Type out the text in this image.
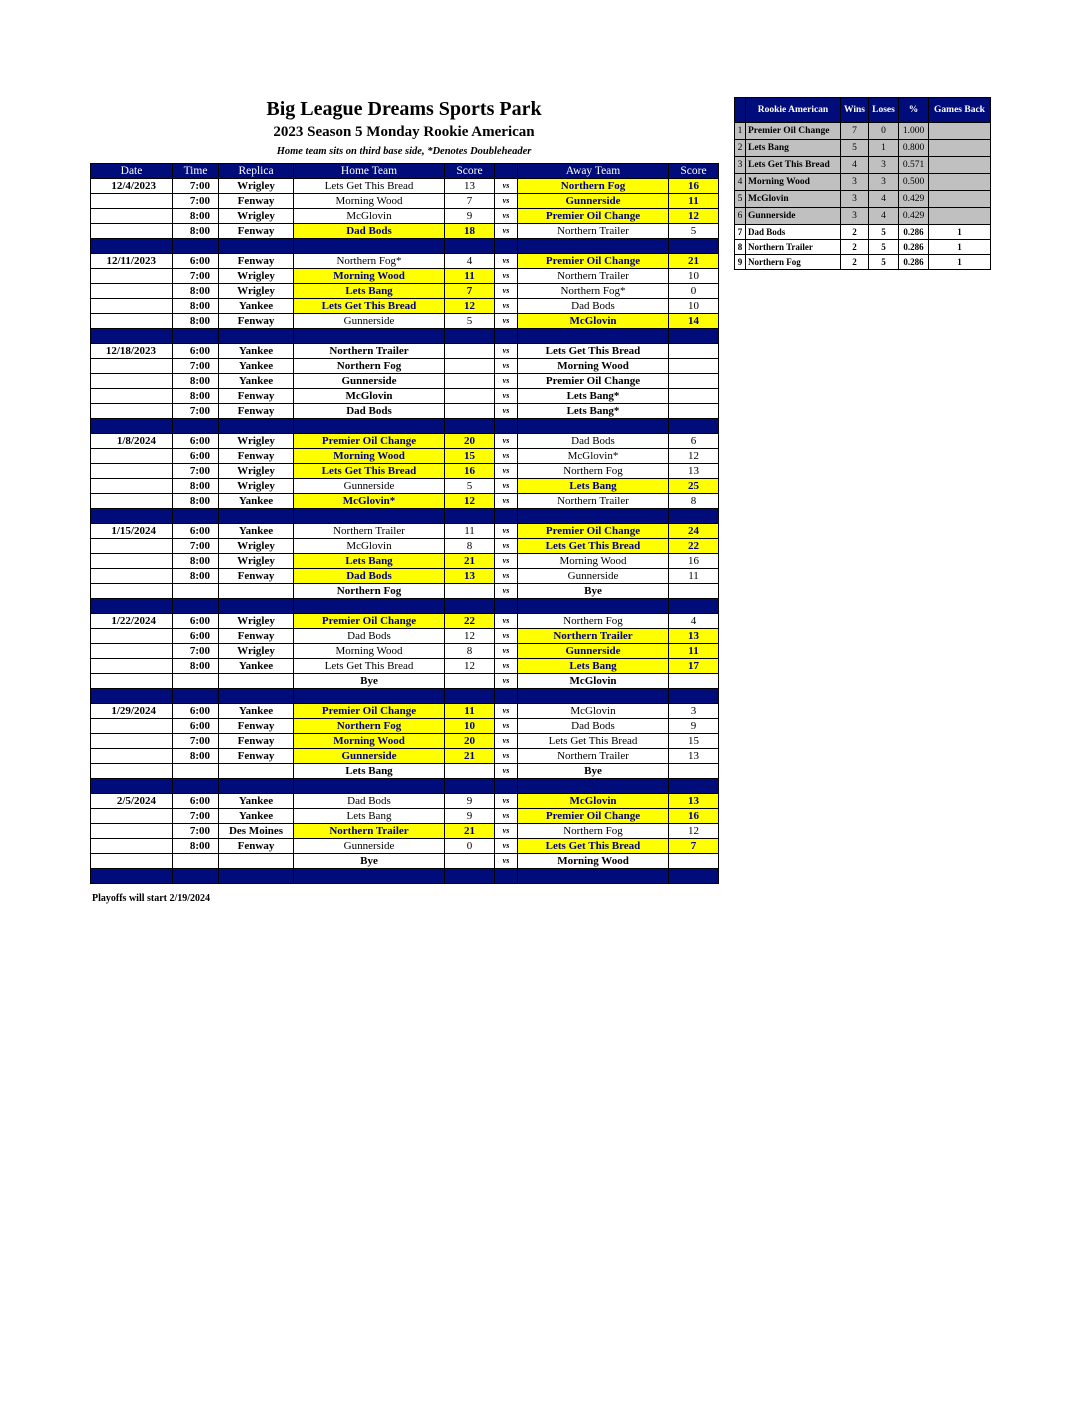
Big League Dreams Sports Park
2023 Season 5 Monday Rookie American
Home team sits on third base side, *Denotes Doubleheader
Date	Time	Replica	Home Team	Score		Away Team	Score
12/4/2023	7:00	Wrigley	Lets Get This Bread	13	vs	Northern Fog	16
	7:00	Fenway	Morning Wood	7	vs	Gunnerside	11
	8:00	Wrigley	McGlovin	9	vs	Premier Oil Change	12
	8:00	Fenway	Dad Bods	18	vs	Northern Trailer	5

12/11/2023	6:00	Fenway	Northern Fog*	4	vs	Premier Oil Change	21
	7:00	Wrigley	Morning Wood	11	vs	Northern Trailer	10
	8:00	Wrigley	Lets Bang	7	vs	Northern Fog*	0
	8:00	Yankee	Lets Get This Bread	12	vs	Dad Bods	10
	8:00	Fenway	Gunnerside	5	vs	McGlovin	14

12/18/2023	6:00	Yankee	Northern Trailer		vs	Lets Get This Bread	
	7:00	Yankee	Northern Fog		vs	Morning Wood	
	8:00	Yankee	Gunnerside		vs	Premier Oil Change	
	8:00	Fenway	McGlovin		vs	Lets Bang*	
	7:00	Fenway	Dad Bods		vs	Lets Bang*	

1/8/2024	6:00	Wrigley	Premier Oil Change	20	vs	Dad Bods	6
	6:00	Fenway	Morning Wood	15	vs	McGlovin*	12
	7:00	Wrigley	Lets Get This Bread	16	vs	Northern Fog	13
	8:00	Wrigley	Gunnerside	5	vs	Lets Bang	25
	8:00	Yankee	McGlovin*	12	vs	Northern Trailer	8

1/15/2024	6:00	Yankee	Northern Trailer	11	vs	Premier Oil Change	24
	7:00	Wrigley	McGlovin	8	vs	Lets Get This Bread	22
	8:00	Wrigley	Lets Bang	21	vs	Morning Wood	16
	8:00	Fenway	Dad Bods	13	vs	Gunnerside	11
			Northern Fog		vs	Bye	

1/22/2024	6:00	Wrigley	Premier Oil Change	22	vs	Northern Fog	4
	6:00	Fenway	Dad Bods	12	vs	Northern Trailer	13
	7:00	Wrigley	Morning Wood	8	vs	Gunnerside	11
	8:00	Yankee	Lets Get This Bread	12	vs	Lets Bang	17
			Bye		vs	McGlovin	

1/29/2024	6:00	Yankee	Premier Oil Change	11	vs	McGlovin	3
	6:00	Fenway	Northern Fog	10	vs	Dad Bods	9
	7:00	Fenway	Morning Wood	20	vs	Lets Get This Bread	15
	8:00	Fenway	Gunnerside	21	vs	Northern Trailer	13
			Lets Bang		vs	Bye	

2/5/2024	6:00	Yankee	Dad Bods	9	vs	McGlovin	13
	7:00	Yankee	Lets Bang	9	vs	Premier Oil Change	16
	7:00	Des Moines	Northern Trailer	21	vs	Northern Fog	12
	8:00	Fenway	Gunnerside	0	vs	Lets Get This Bread	7
			Bye		vs	Morning Wood	

Playoffs will start 2/19/2024
	Rookie American	Wins	Loses	%	Games Back
1	Premier Oil Change	7	0	1.000	
2	Lets Bang	5	1	0.800	
3	Lets Get This Bread	4	3	0.571	
4	Morning Wood	3	3	0.500	
5	McGlovin	3	4	0.429	
6	Gunnerside	3	4	0.429	
7	Dad Bods	2	5	0.286	1
8	Northern Trailer	2	5	0.286	1
9	Northern Fog	2	5	0.286	1
